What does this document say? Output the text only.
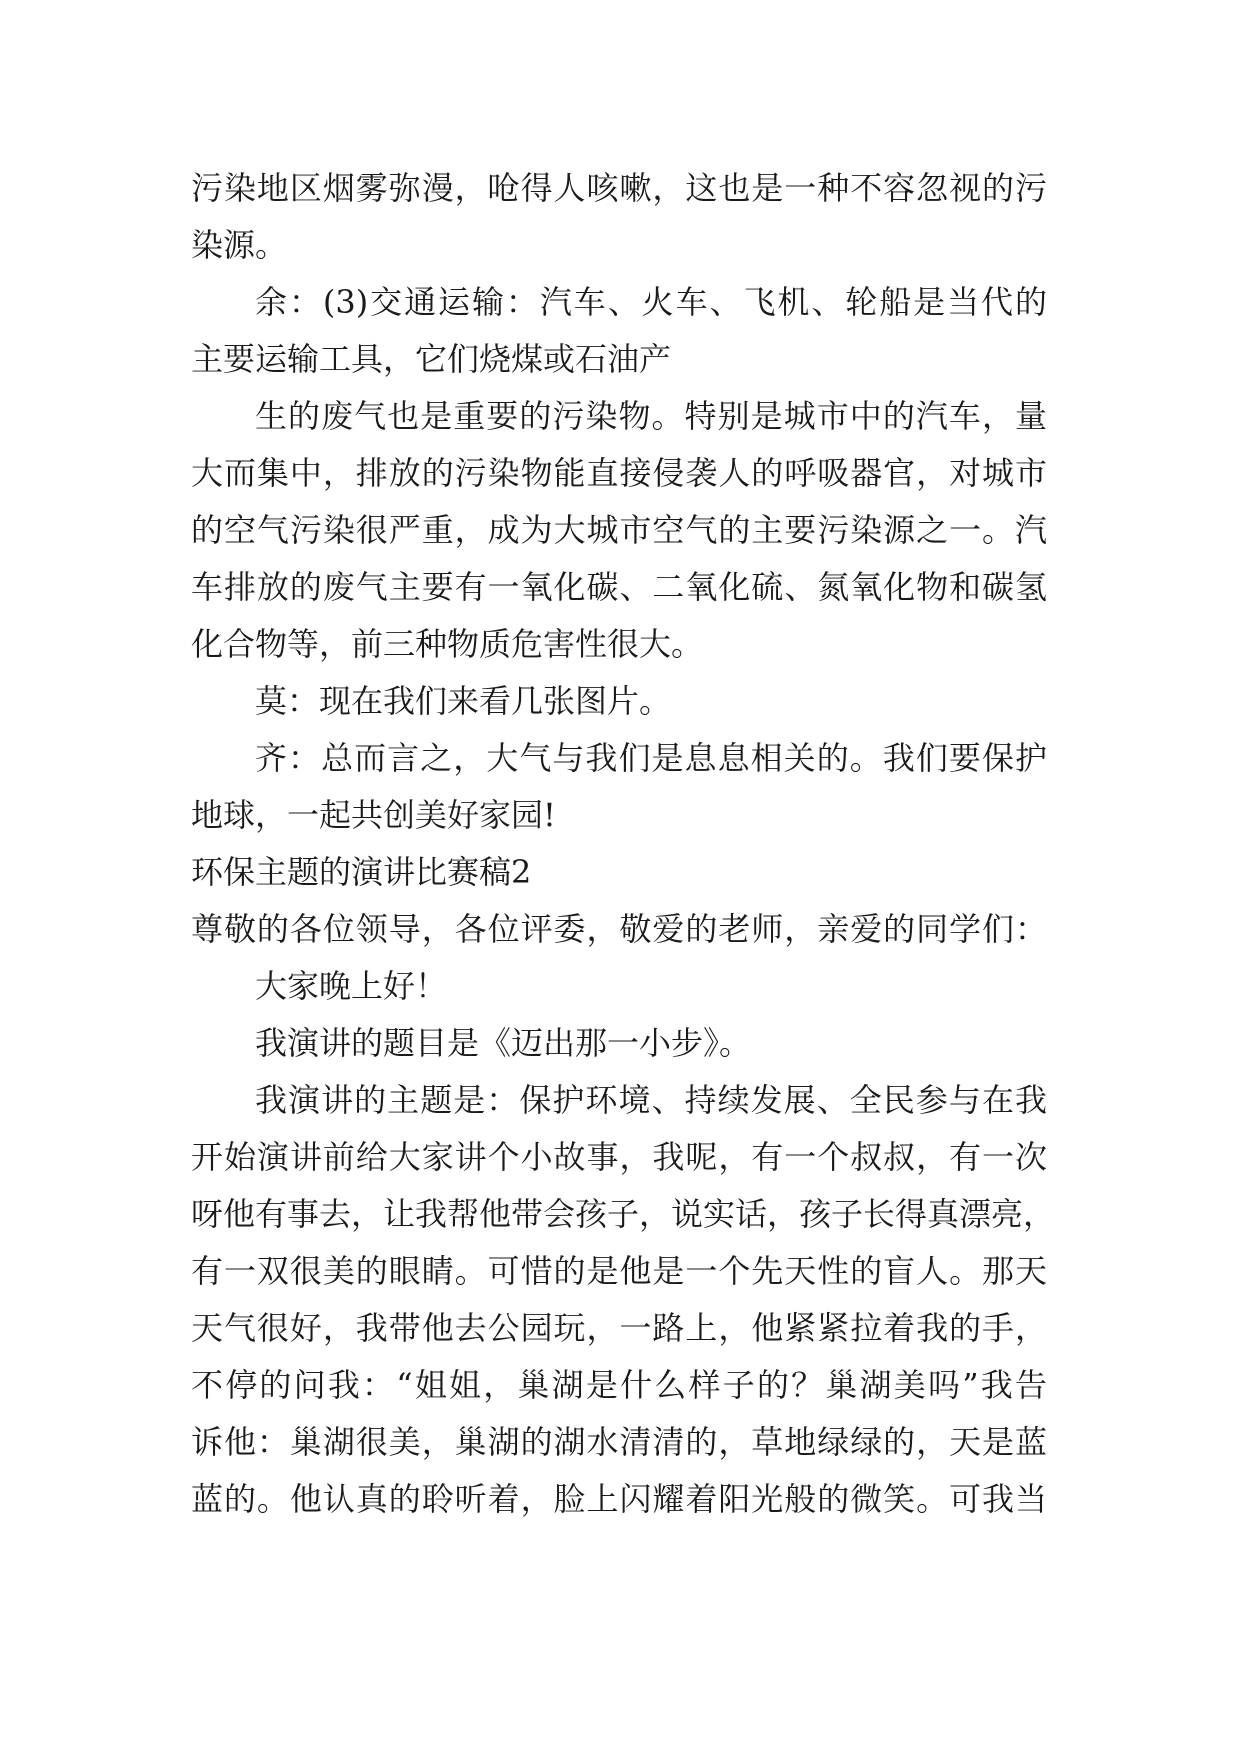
污染地区烟雾弥漫，呛得人咳嗽，这也是一种不容忽视的污
染源。
余：(3)交通运输：汽车、火车、飞机、轮船是当代的
主要运输工具，它们烧煤或石油产
生的废气也是重要的污染物。特别是城市中的汽车，量
大而集中，排放的污染物能直接侵袭人的呼吸器官，对城市
的空气污染很严重，成为大城市空气的主要污染源之一。汽
车排放的废气主要有一氧化碳、二氧化硫、氮氧化物和碳氢
化合物等，前三种物质危害性很大。
莫：现在我们来看几张图片。
齐：总而言之，大气与我们是息息相关的。我们要保护
地球，一起共创美好家园!
环保主题的演讲比赛稿2
尊敬的各位领导，各位评委，敬爱的老师，亲爱的同学们：
大家晚上好！
我演讲的题目是《迈出那一小步》。
我演讲的主题是：保护环境、持续发展、全民参与在我
开始演讲前给大家讲个小故事，我呢，有一个叔叔，有一次
呀他有事去，让我帮他带会孩子，说实话，孩子长得真漂亮，
有一双很美的眼睛。可惜的是他是一个先天性的盲人。那天
天气很好，我带他去公园玩，一路上，他紧紧拉着我的手，
不停的问我：“姐姐，巢湖是什么样子的？巢湖美吗”我告
诉他：巢湖很美，巢湖的湖水清清的，草地绿绿的，天是蓝
蓝的。他认真的聆听着，脸上闪耀着阳光般的微笑。可我当
